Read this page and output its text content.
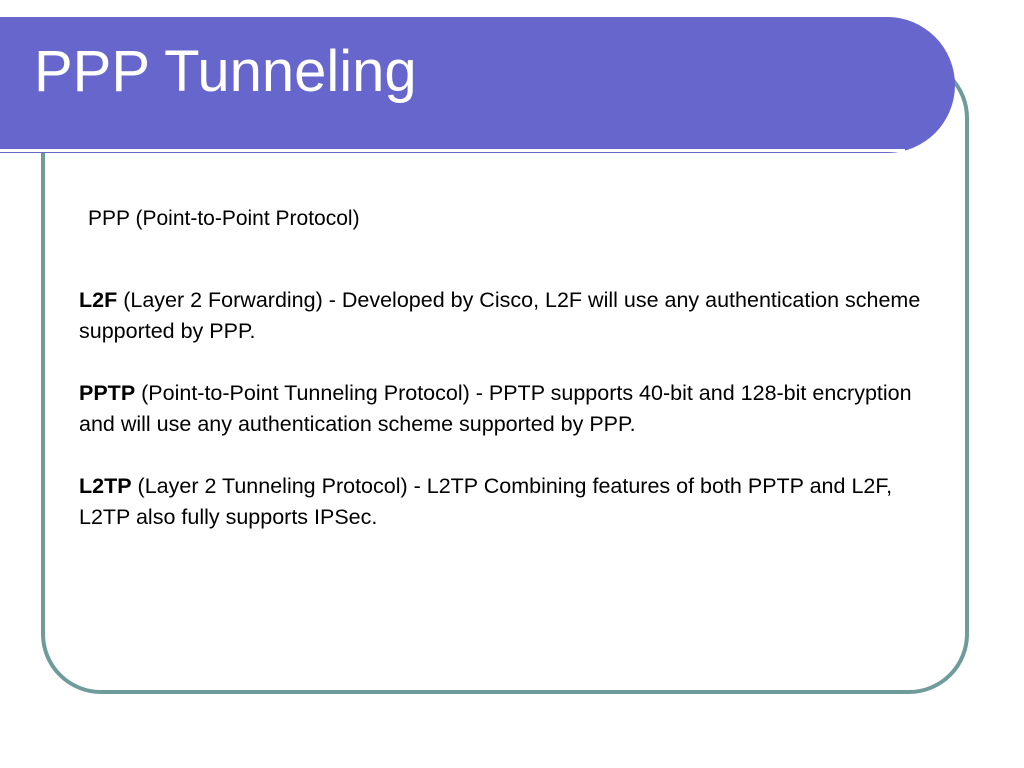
PPP Tunneling
PPP (Point-to-Point Protocol)

L2F (Layer 2 Forwarding) - Developed by Cisco, L2F will use any authentication scheme supported by PPP.

PPTP (Point-to-Point Tunneling Protocol) - PPTP supports 40-bit and 128-bit encryption and will use any authentication scheme supported by PPP.

L2TP (Layer 2 Tunneling Protocol) - L2TP Combining features of both PPTP and L2F, L2TP also fully supports IPSec.
